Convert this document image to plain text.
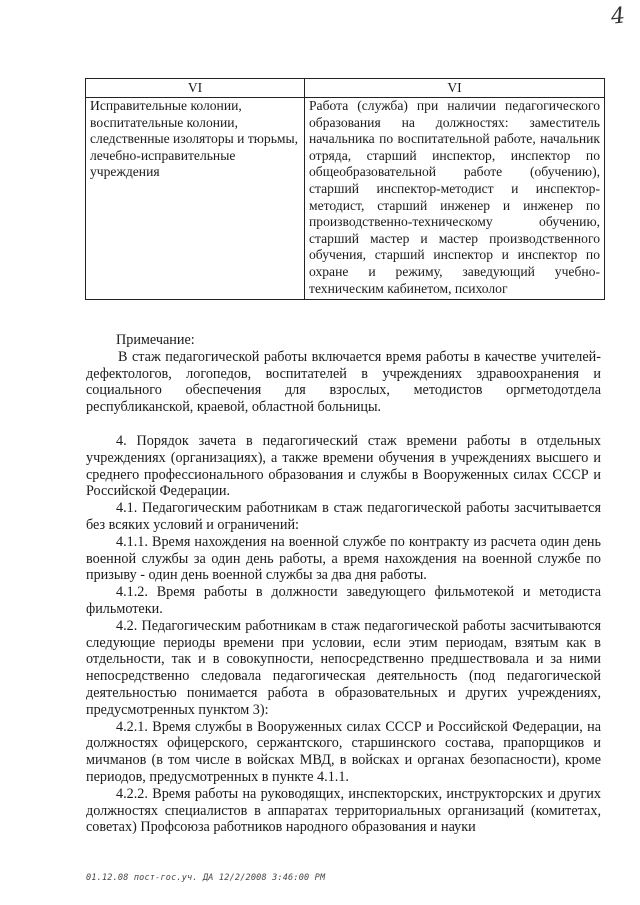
4
VI	VI
Исправительные колонии, воспитательные колонии, следственные изоляторы и тюрьмы, лечебно-исправительные учреждения	Работа (служба) при наличии педагогического образования на должностях: заместитель начальника по воспитательной работе, начальник отряда, старший инспектор, инспектор по общеобразовательной работе (обучению), старший инспектор-методист и инспектор-методист, старший инженер и инженер по производственно-техническому обучению, старший мастер и мастер производственного обучения, старший инспектор и инспектор по охране и режиму, заведующий учебно-техническим кабинетом, психолог

Примечание:

В стаж педагогической работы включается время работы в качестве учителей-дефектологов, логопедов, воспитателей в учреждениях здравоохранения и социального обеспечения для взрослых, методистов оргметодотдела республиканской, краевой, областной больницы.

4. Порядок зачета в педагогический стаж времени работы в отдельных учреждениях (организациях), а также времени обучения в учреждениях высшего и среднего профессионального образования и службы в Вооруженных силах СССР и Российской Федерации.

4.1. Педагогическим работникам в стаж педагогической работы засчитывается без всяких условий и ограничений:

4.1.1. Время нахождения на военной службе по контракту из расчета один день военной службы за один день работы, а время нахождения на военной службе по призыву - один день военной службы за два дня работы.

4.1.2. Время работы в должности заведующего фильмотекой и методиста фильмотеки.

4.2. Педагогическим работникам в стаж педагогической работы засчитываются следующие периоды времени при условии, если этим периодам, взятым как в отдельности, так и в совокупности, непосредственно предшествовала и за ними непосредственно следовала педагогическая деятельность (под педагогической деятельностью понимается работа в образовательных и других учреждениях, предусмотренных пунктом 3):

4.2.1. Время службы в Вооруженных силах СССР и Российской Федерации, на должностях офицерского, сержантского, старшинского состава, прапорщиков и мичманов (в том числе в войсках МВД, в войсках и органах безопасности), кроме периодов, предусмотренных в пункте 4.1.1.

4.2.2. Время работы на руководящих, инспекторских, инструкторских и других должностях специалистов в аппаратах территориальных организаций (комитетах, советах) Профсоюза работников народного образования и науки

01.12.08 пост-гос.уч. ДА 12/2/2008 3:46:00 PM
